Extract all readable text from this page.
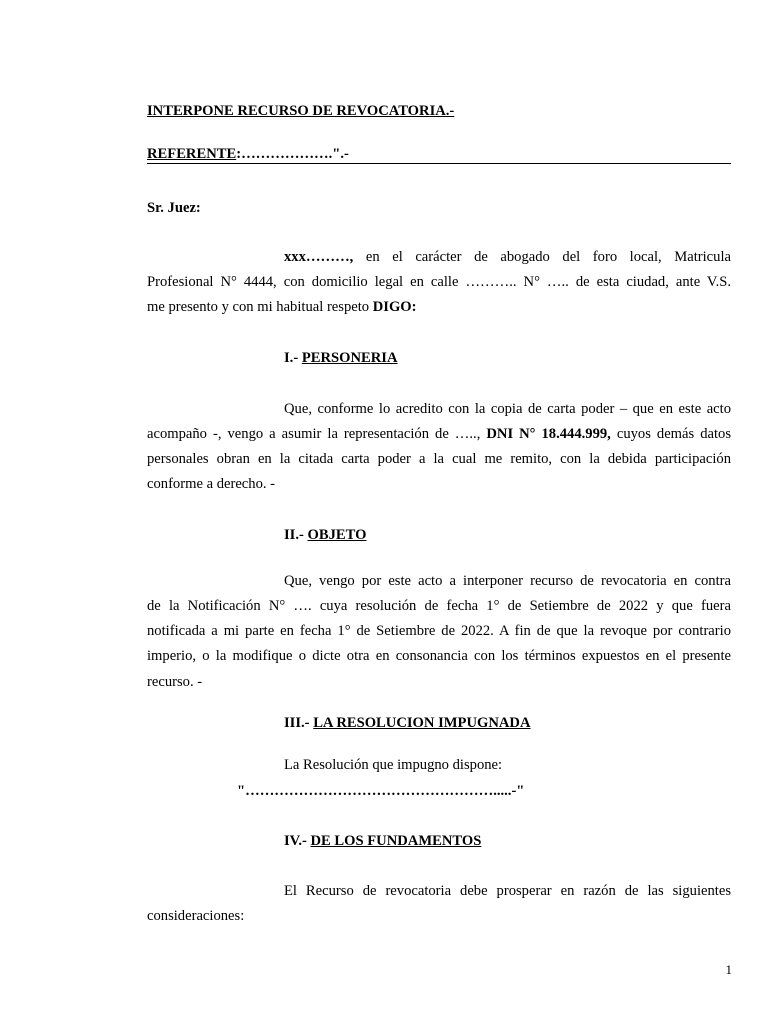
INTERPONE RECURSO DE REVOCATORIA.-
REFERENTE:……………….".-
Sr. Juez:
xxx………, en el carácter de abogado del foro local, Matricula
Profesional N° 4444, con domicilio legal en calle ……….. N° ….. de esta ciudad, ante V.S.
me presento y con mi habitual respeto DIGO:
I.- PERSONERIA
Que, conforme lo acredito con la copia de carta poder – que en este acto
acompaño -, vengo a asumir la representación de ….., DNI N° 18.444.999, cuyos demás datos
personales obran en la citada carta poder a la cual me remito, con la debida participación
conforme a derecho. -
II.- OBJETO
Que, vengo por este acto a interponer recurso de revocatoria en contra
de la Notificación N° …. cuya resolución de fecha 1° de Setiembre de 2022 y que fuera
notificada a mi parte en fecha 1° de Setiembre de 2022. A fin de que la revoque por contrario
imperio, o la modifique o dicte otra en consonancia con los términos expuestos en el presente
recurso. -
III.- LA RESOLUCION IMPUGNADA
La Resolución que impugno dispone:
"…………………………………………….....-"
IV.- DE LOS FUNDAMENTOS
El Recurso de revocatoria debe prosperar en razón de las siguientes
consideraciones:
1
